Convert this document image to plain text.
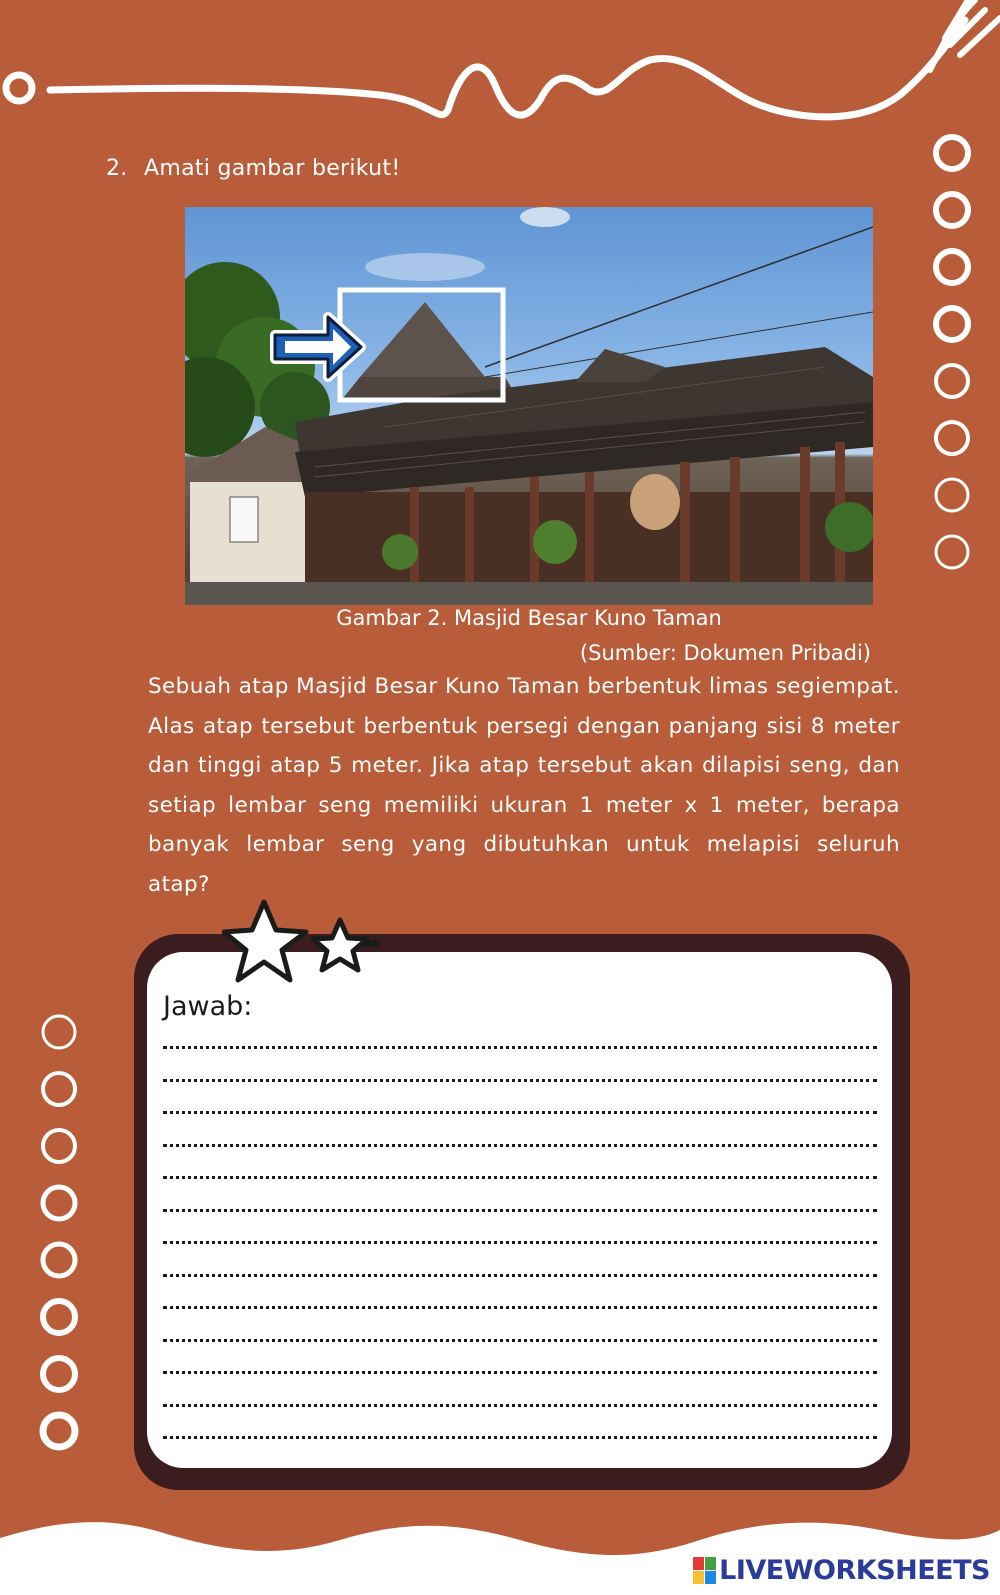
2. Amati gambar berikut!
Gambar 2. Masjid Besar Kuno Taman
(Sumber: Dokumen Pribadi)
Sebuah atap Masjid Besar Kuno Taman berbentuk limas segiempat. Alas atap tersebut berbentuk persegi dengan panjang sisi 8 meter dan tinggi atap 5 meter. Jika atap tersebut akan dilapisi seng, dan setiap lembar seng memiliki ukuran 1 meter x 1 meter, berapa banyak lembar seng yang dibutuhkan untuk melapisi seluruh atap?
Jawab:
LIVEWORKSHEETS
